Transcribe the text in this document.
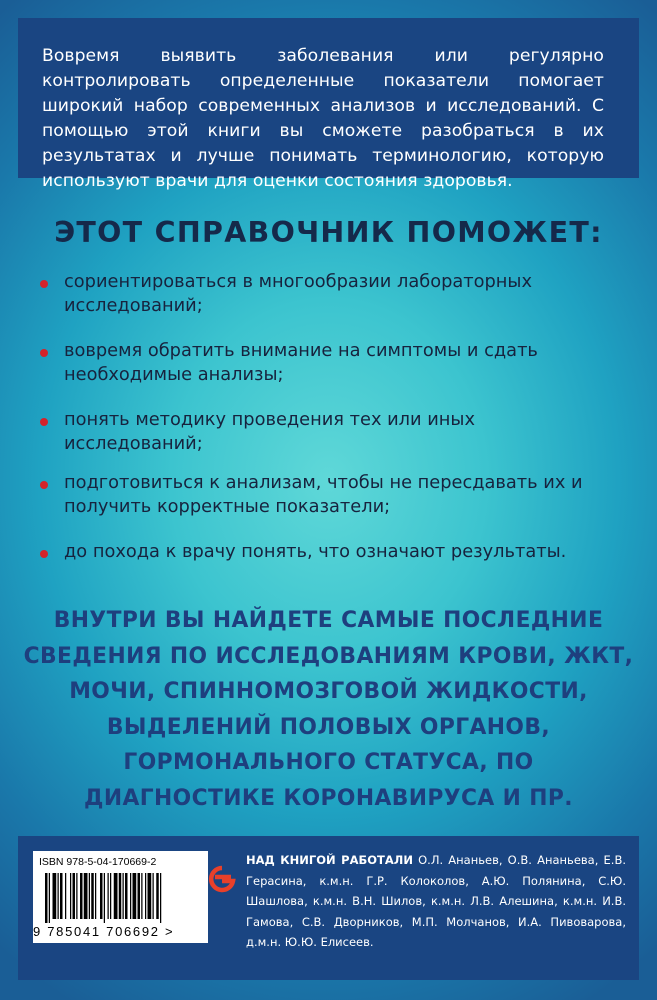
Вовремя выявить заболевания или регулярно контролировать определенные показатели помогает широкий набор современных анализов и исследований. С помощью этой книги вы сможете разобраться в их результатах и лучше понимать терминологию, которую используют врачи для оценки состояния здоровья.
ЭТОТ СПРАВОЧНИК ПОМОЖЕТ:
сориентироваться в многообразии лабораторных исследований;
вовремя обратить внимание на симптомы и сдать необходимые анализы;
понять методику проведения тех или иных исследований;
подготовиться к анализам, чтобы не пересдавать их и получить корректные показатели;
до похода к врачу понять, что означают результаты.
ВНУТРИ ВЫ НАЙДЕТЕ САМЫЕ ПОСЛЕДНИЕ
СВЕДЕНИЯ ПО ИССЛЕДОВАНИЯМ КРОВИ, ЖКТ,
МОЧИ, СПИННОМОЗГОВОЙ ЖИДКОСТИ,
ВЫДЕЛЕНИЙ ПОЛОВЫХ ОРГАНОВ,
ГОРМОНАЛЬНОГО СТАТУСА, ПО
ДИАГНОСТИКЕ КОРОНАВИРУСА И ПР.
ISBN 978-5-04-170669-2
9 785041 706692 >
НАД КНИГОЙ РАБОТАЛИ О.Л. Ананьев, О.В. Ананьева, Е.В. Герасина, к.м.н. Г.Р. Колоколов, А.Ю. Полянина, С.Ю. Шашлова, к.м.н. В.Н. Шилов, к.м.н. Л.В. Алешина, к.м.н. И.В. Гамова, С.В. Дворников, М.П. Молчанов, И.А. Пивоварова, д.м.н. Ю.Ю. Елисеев.
